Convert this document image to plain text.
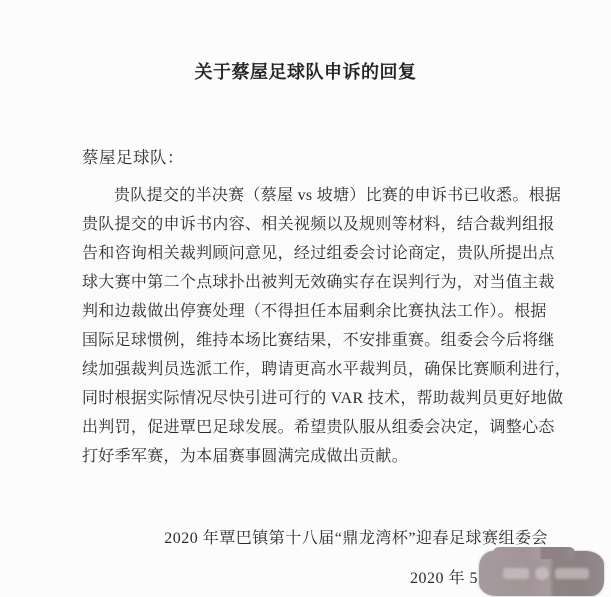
关于蔡屋足球队申诉的回复
蔡屋足球队：
贵队提交的半决赛（蔡屋 vs 坡塘）比赛的申诉书已收悉。根据
贵队提交的申诉书内容、相关视频以及规则等材料，结合裁判组报
告和咨询相关裁判顾问意见，经过组委会讨论商定，贵队所提出点
球大赛中第二个点球扑出被判无效确实存在误判行为，对当值主裁
判和边裁做出停赛处理（不得担任本届剩余比赛执法工作）。根据
国际足球惯例，维持本场比赛结果，不安排重赛。组委会今后将继
续加强裁判员选派工作，聘请更高水平裁判员，确保比赛顺利进行，
同时根据实际情况尽快引进可行的 VAR 技术，帮助裁判员更好地做
出判罚，促进覃巴足球发展。希望贵队服从组委会决定，调整心态
打好季军赛，为本届赛事圆满完成做出贡献。
2020 年覃巴镇第十八届“鼎龙湾杯”迎春足球赛组委会
2020 年 5
